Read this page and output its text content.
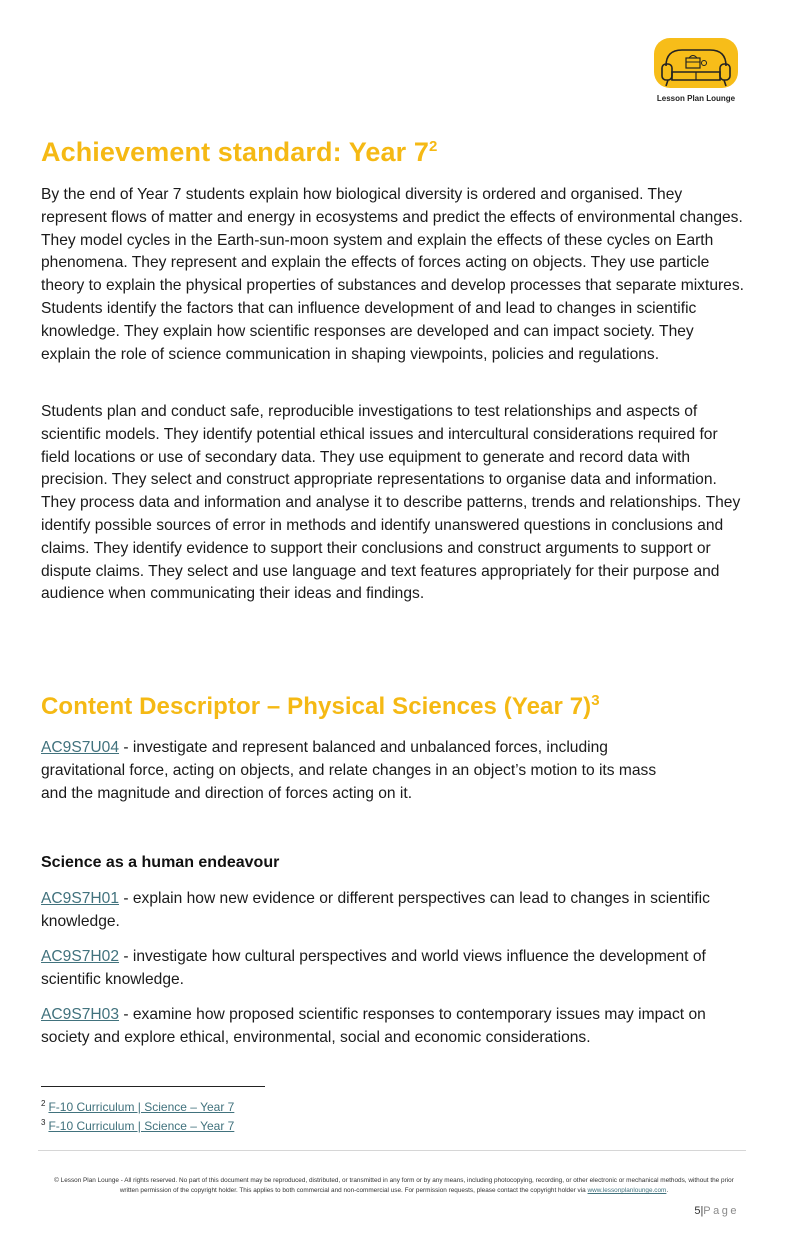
Lesson Plan Lounge
Achievement standard: Year $7^2$

By the end of Year 7 students explain how biological diversity is ordered and organised. They represent flows of matter and energy in ecosystems and predict the effects of environmental changes. They model cycles in the Earth-sun-moon system and explain the effects of these cycles on Earth phenomena. They represent and explain the effects of forces acting on objects. They use particle theory to explain the physical properties of substances and develop processes that separate mixtures. Students identify the factors that can influence development of and lead to changes in scientific knowledge. They explain how scientific responses are developed and can impact society. They explain the role of science communication in shaping viewpoints, policies and regulations.

Students plan and conduct safe, reproducible investigations to test relationships and aspects of scientific models. They identify potential ethical issues and intercultural considerations required for field locations or use of secondary data. They use equipment to generate and record data with precision. They select and construct appropriate representations to organise data and information. They process data and information and analyse it to describe patterns, trends and relationships. They identify possible sources of error in methods and identify unanswered questions in conclusions and claims. They identify evidence to support their conclusions and construct arguments to support or dispute claims. They select and use language and text features appropriately for their purpose and audience when communicating their ideas and findings.

Content Descriptor – Physical Sciences (Year 7)$^3$

AC9S7U04 - investigate and represent balanced and unbalanced forces, including gravitational force, acting on objects, and relate changes in an object’s motion to its mass and the magnitude and direction of forces acting on it.

Science as a human endeavour

AC9S7H01 - explain how new evidence or different perspectives can lead to changes in scientific knowledge.

AC9S7H02 - investigate how cultural perspectives and world views influence the development of scientific knowledge.

AC9S7H03 - examine how proposed scientific responses to contemporary issues may impact on society and explore ethical, environmental, social and economic considerations.

$^2$ F-10 Curriculum | Science – Year 7
$^3$ F-10 Curriculum | Science – Year 7

© Lesson Plan Lounge - All rights reserved. No part of this document may be reproduced, distributed, or transmitted in any form or by any means, including photocopying, recording, or other electronic or mechanical methods, without the prior written permission of the copyright holder. This applies to both commercial and non-commercial use. For permission requests, please contact the copyright holder via www.lessonplanlounge.com.

5|Page
